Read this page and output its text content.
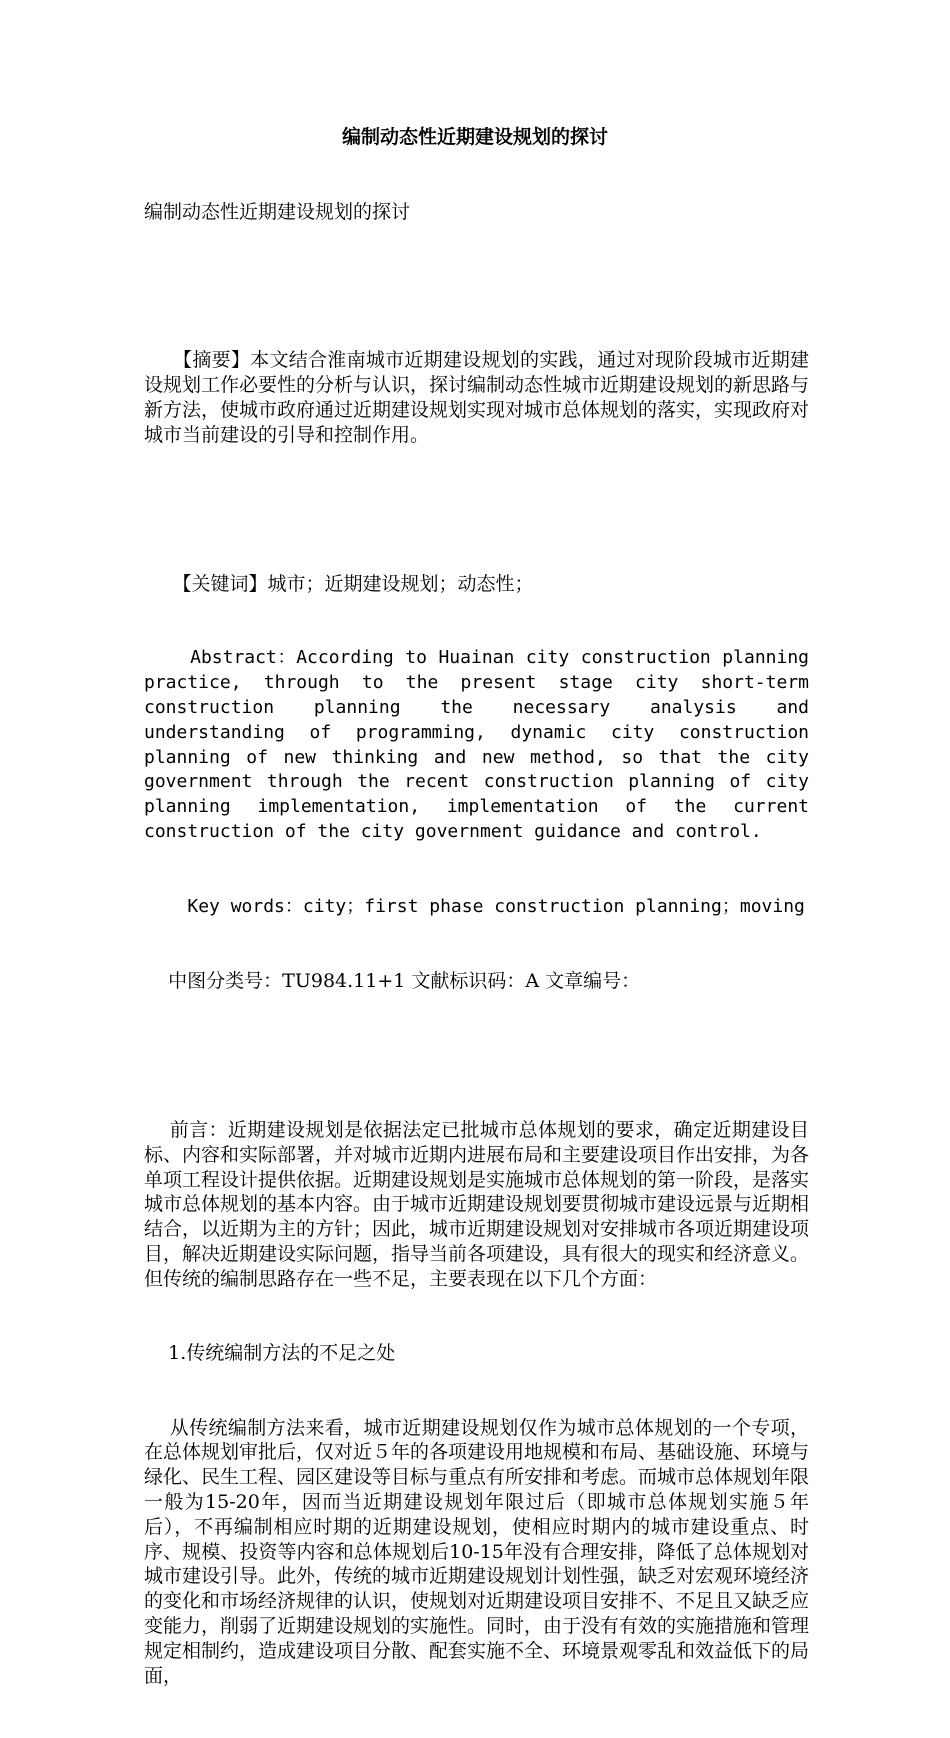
编制动态性近期建设规划的探讨

编制动态性近期建设规划的探讨

　　【摘要】本文结合淮南城市近期建设规划的实践，通过对现阶段城市近期建设规划工作必要性的分析与认识，探讨编制动态性城市近期建设规划的新思路与新方法，使城市政府通过近期建设规划实现对城市总体规划的落实，实现政府对城市当前建设的引导和控制作用。

　　【关键词】城市；近期建设规划；动态性；

Abstract：According to Huainan city construction planning practice, through to the present stage city short-term construction planning the necessary analysis and understanding of programming, dynamic city construction planning of new thinking and new method, so that the city government through the recent construction planning of city planning implementation, implementation of the current construction of the city government guidance and control.

Key words：city；first phase construction planning；moving

中图分类号：TU984.11+1 文献标识码：A 文章编号：

前言：近期建设规划是依据法定已批城市总体规划的要求，确定近期建设目标、内容和实际部署，并对城市近期内进展布局和主要建设项目作出安排，为各单项工程设计提供依据。近期建设规划是实施城市总体规划的第一阶段，是落实城市总体规划的基本内容。由于城市近期建设规划要贯彻城市建设远景与近期相结合，以近期为主的方针；因此，城市近期建设规划对安排城市各项近期建设项目，解决近期建设实际问题，指导当前各项建设，具有很大的现实和经济意义。但传统的编制思路存在一些不足，主要表现在以下几个方面：

1.传统编制方法的不足之处

从传统编制方法来看，城市近期建设规划仅作为城市总体规划的一个专项，在总体规划审批后，仅对近５年的各项建设用地规模和布局、基础设施、环境与绿化、民生工程、园区建设等目标与重点有所安排和考虑。而城市总体规划年限一般为15-20年，因而当近期建设规划年限过后（即城市总体规划实施５年后），不再编制相应时期的近期建设规划，使相应时期内的城市建设重点、时序、规模、投资等内容和总体规划后10-15年没有合理安排，降低了总体规划对城市建设引导。此外，传统的城市近期建设规划计划性强，缺乏对宏观环境经济的变化和市场经济规律的认识，使规划对近期建设项目安排不、不足且又缺乏应变能力，削弱了近期建设规划的实施性。同时，由于没有有效的实施措施和管理规定相制约，造成建设项目分散、配套实施不全、环境景观零乱和效益低下的局面，
